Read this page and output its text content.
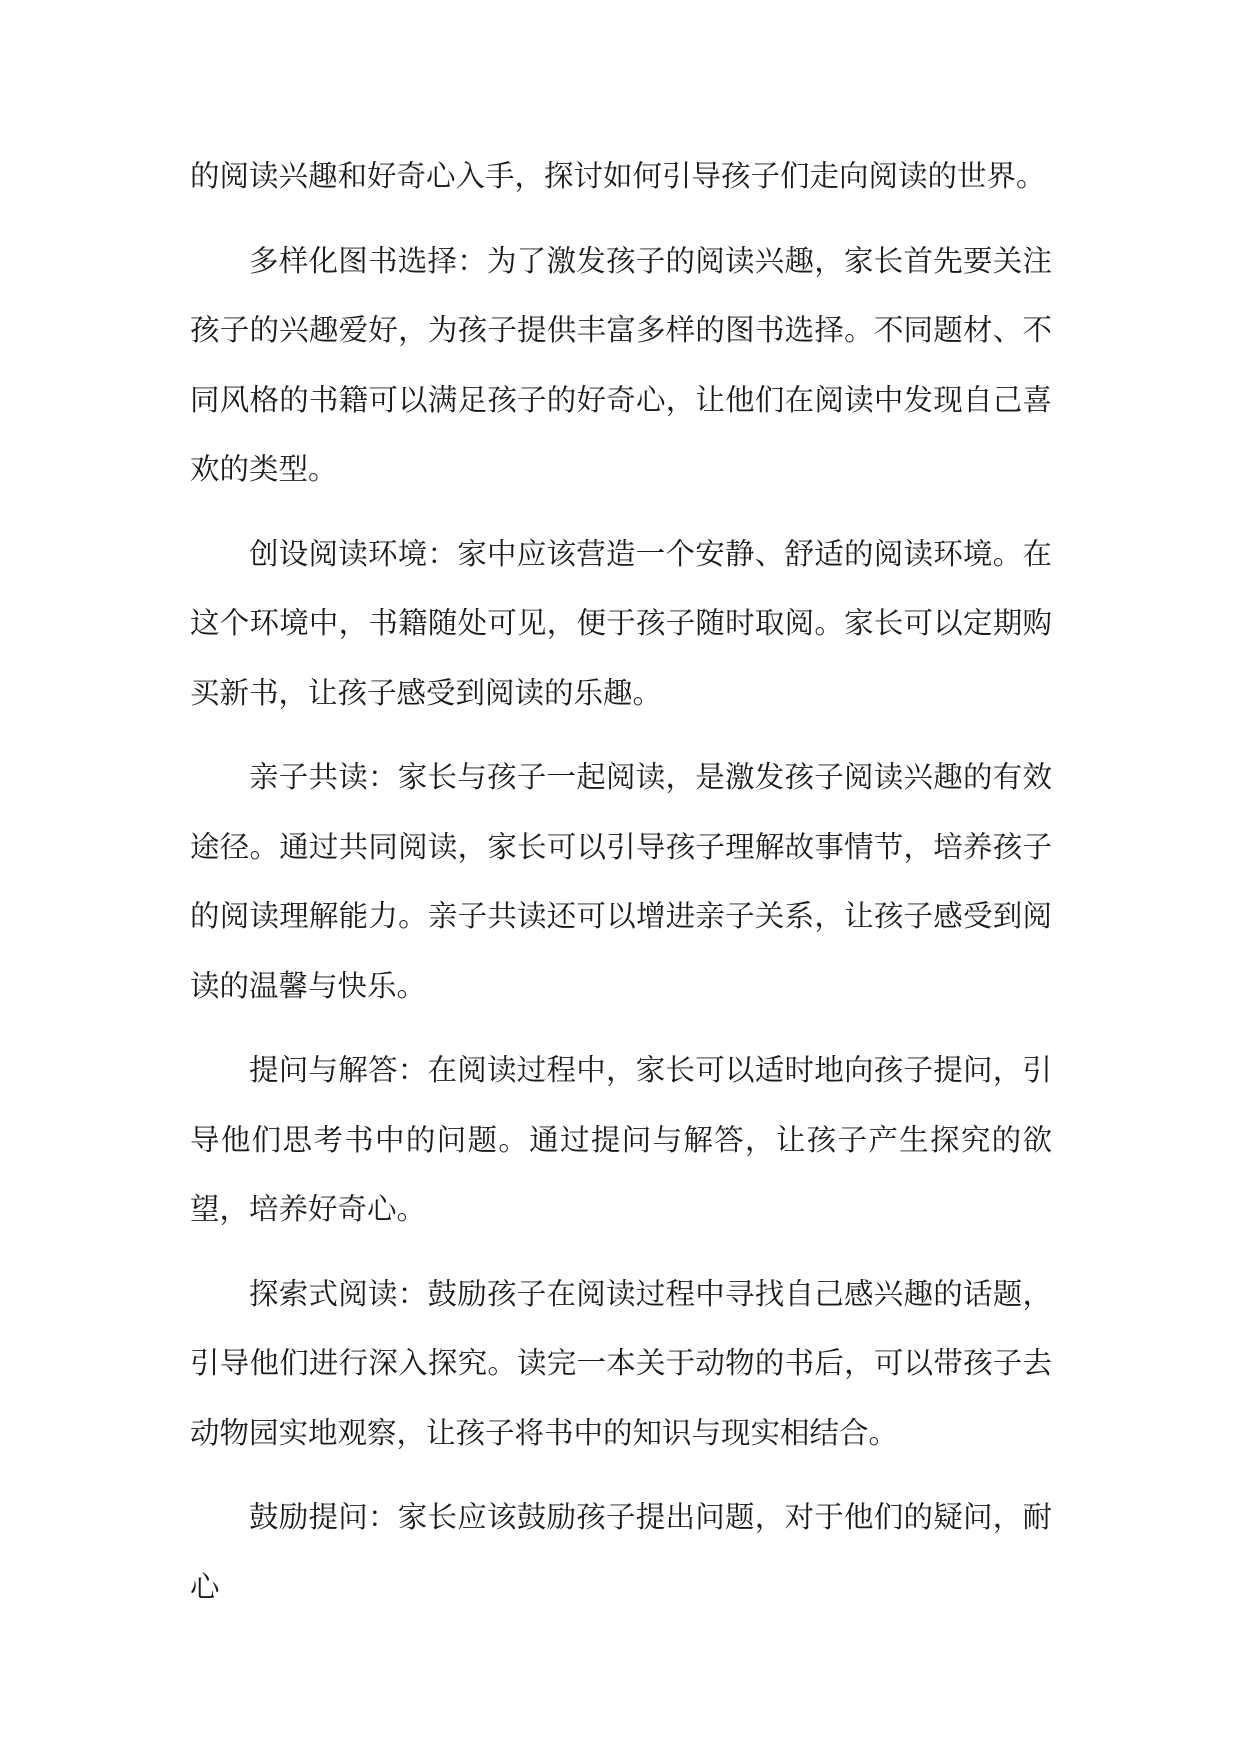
的阅读兴趣和好奇心入手，探讨如何引导孩子们走向阅读的世界。

多样化图书选择：为了激发孩子的阅读兴趣，家长首先要关注孩子的兴趣爱好，为孩子提供丰富多样的图书选择。不同题材、不同风格的书籍可以满足孩子的好奇心，让他们在阅读中发现自己喜欢的类型。

创设阅读环境：家中应该营造一个安静、舒适的阅读环境。在这个环境中，书籍随处可见，便于孩子随时取阅。家长可以定期购买新书，让孩子感受到阅读的乐趣。

亲子共读：家长与孩子一起阅读，是激发孩子阅读兴趣的有效途径。通过共同阅读，家长可以引导孩子理解故事情节，培养孩子的阅读理解能力。亲子共读还可以增进亲子关系，让孩子感受到阅读的温馨与快乐。

提问与解答：在阅读过程中，家长可以适时地向孩子提问，引导他们思考书中的问题。通过提问与解答，让孩子产生探究的欲望，培养好奇心。

探索式阅读：鼓励孩子在阅读过程中寻找自己感兴趣的话题，引导他们进行深入探究。读完一本关于动物的书后，可以带孩子去动物园实地观察，让孩子将书中的知识与现实相结合。

鼓励提问：家长应该鼓励孩子提出问题，对于他们的疑问，耐心
